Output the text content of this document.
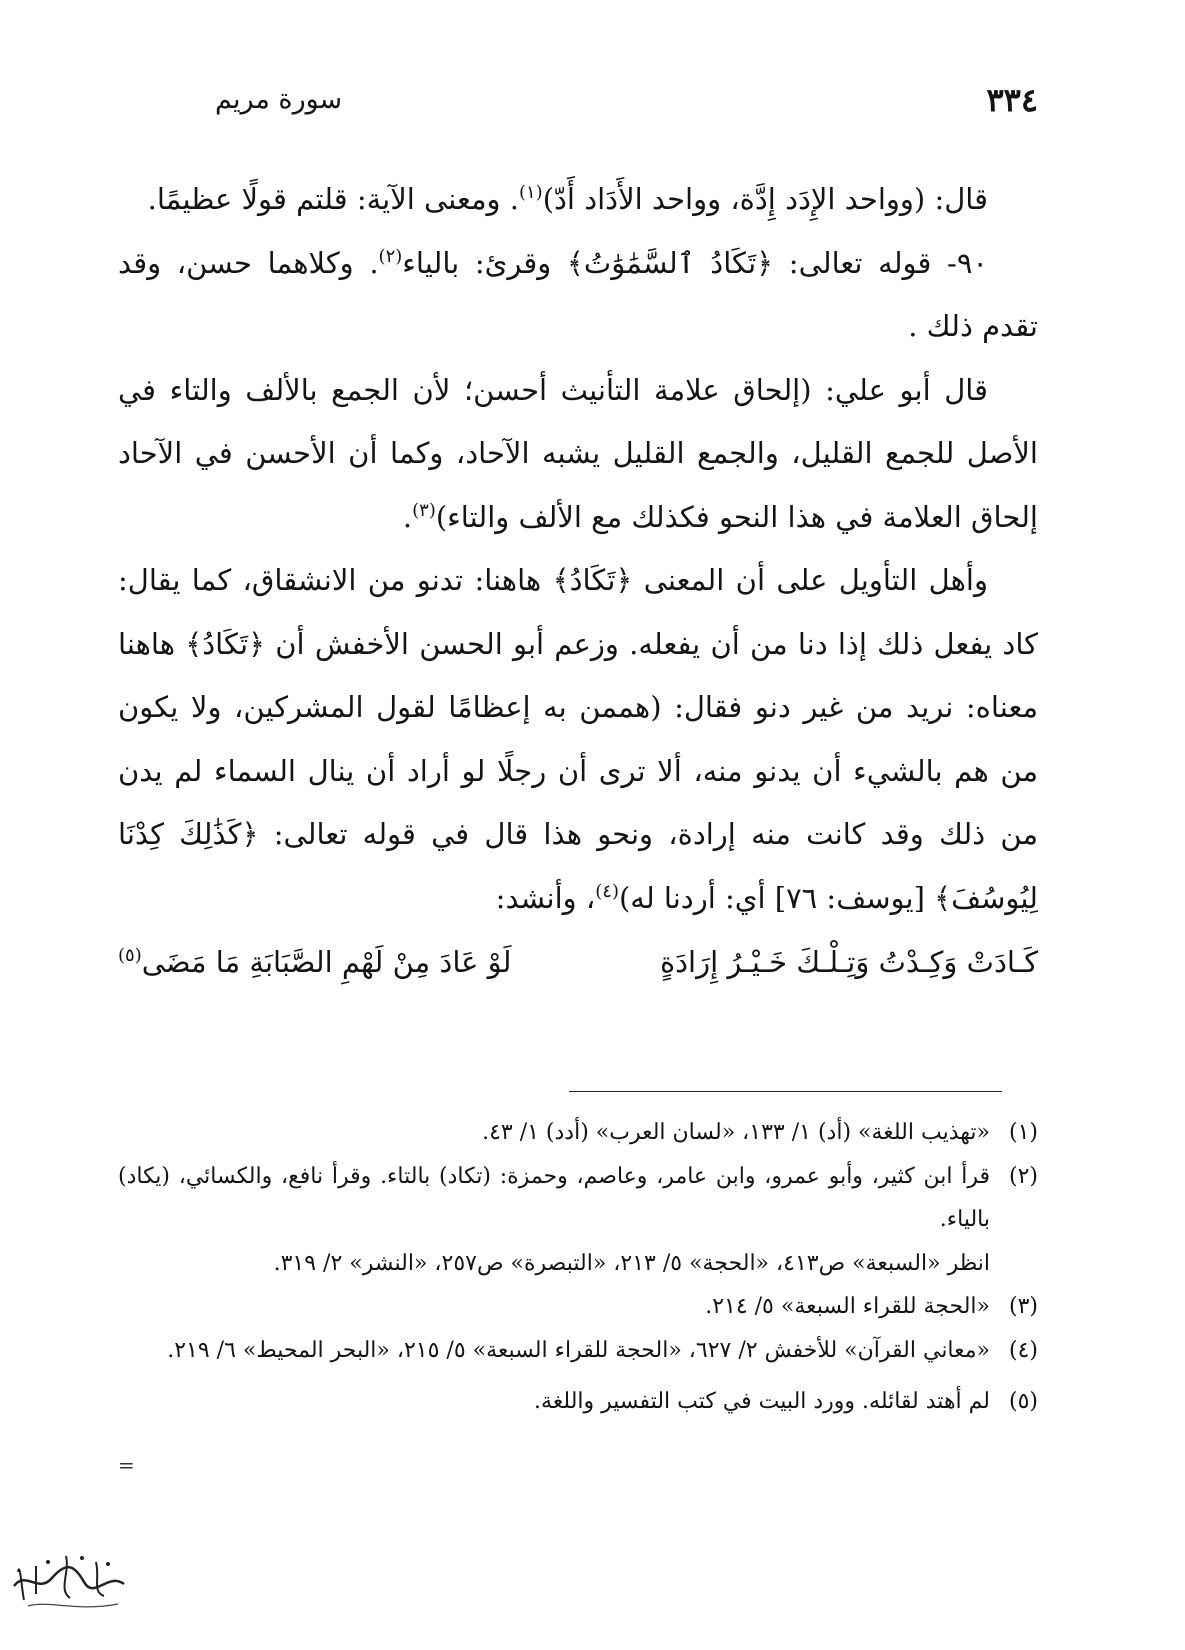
٣٣٤
سورة مريم

قال: (وواحد الإِدَد إِدَّة، وواحد الأَدَاد أَدّ)$^{(١)}$. ومعنى الآية: قلتم قولًا عظيمًا.

٩٠- قوله تعالى: ﴿تَكَادُ ٱلسَّمَٰوَٰتُ﴾ وقرئ: بالياء$^{(٢)}$. وكلاهما حسن، وقد تقدم ذلك .

قال أبو علي: (إلحاق علامة التأنيث أحسن؛ لأن الجمع بالألف والتاء في الأصل للجمع القليل، والجمع القليل يشبه الآحاد، وكما أن الأحسن في الآحاد إلحاق العلامة في هذا النحو فكذلك مع الألف والتاء)$^{(٣)}$.

وأهل التأويل على أن المعنى ﴿تَكَادُ﴾ هاهنا: تدنو من الانشقاق، كما يقال: كاد يفعل ذلك إذا دنا من أن يفعله. وزعم أبو الحسن الأخفش أن ﴿تَكَادُ﴾ هاهنا معناه: نريد من غير دنو فقال: (هممن به إعظامًا لقول المشركين، ولا يكون من هم بالشيء أن يدنو منه، ألا ترى أن رجلًا لو أراد أن ينال السماء لم يدن من ذلك وقد كانت منه إرادة، ونحو هذا قال في قوله تعالى: ﴿كَذَٰلِكَ كِدْنَا لِيُوسُفَ﴾ [يوسف: ٧٦] أي: أردنا له)$^{(٤)}$، وأنشد:

كَـادَتْ وَكِـدْتُ وَتِـلْـكَ خَـيْـرُ إِرَادَةٍ
لَوْ عَادَ مِنْ لَهْمِ الصَّبَابَةِ مَا مَضَى$^{(٥)}$
(١)
«تهذيب اللغة» (أد) ١/ ١٣٣، «لسان العرب» (أدد) ١/ ٤٣.
(٢)
قرأ ابن كثير، وأبو عمرو، وابن عامر، وعاصم، وحمزة: (تكاد) بالتاء. وقرأ نافع، والكسائي، (يكاد) بالياء.
انظر «السبعة» ص٤١٣، «الحجة» ٥/ ٢١٣، «التبصرة» ص٢٥٧، «النشر» ٢/ ٣١٩.
(٣)
«الحجة للقراء السبعة» ٥/ ٢١٤.
(٤)
«معاني القرآن» للأخفش ٢/ ٦٢٧، «الحجة للقراء السبعة» ٥/ ٢١٥، «البحر المحيط» ٦/ ٢١٩.
(٥)
لم أهتد لقائله. وورد البيت في كتب التفسير واللغة.
=
